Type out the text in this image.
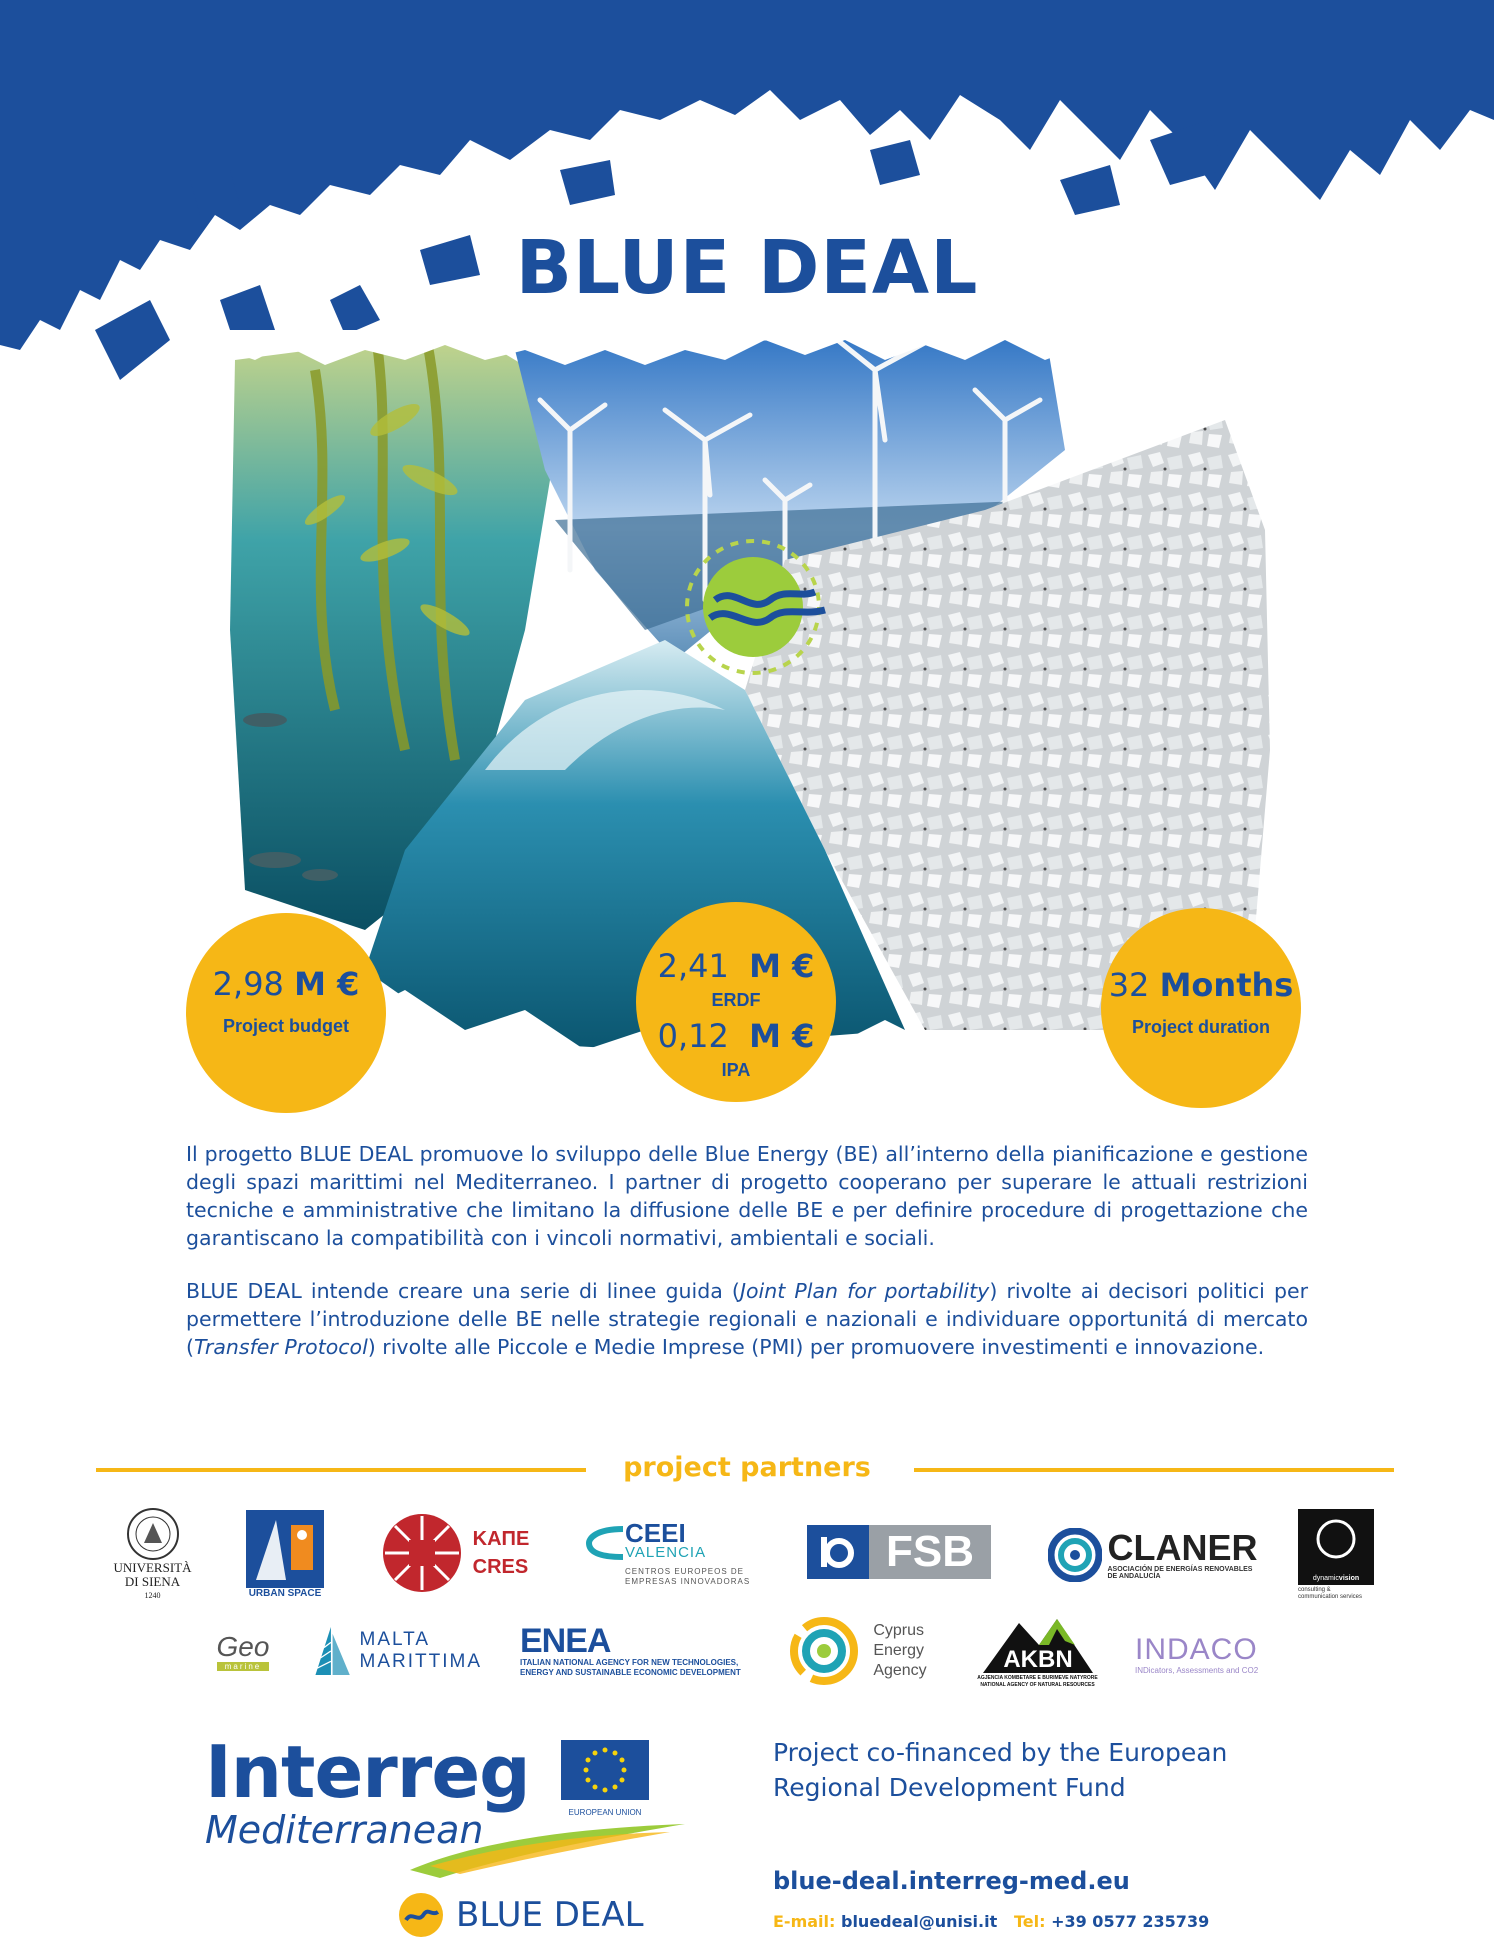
BLUE DEAL
2,98 M €
Project budget
2,41 M €
ERDF
0,12 M €
IPA
32 Months
Project duration

Il progetto BLUE DEAL promuove lo sviluppo delle Blue Energy (BE) all’interno della pianificazione e gestione degli spazi marittimi nel Mediterraneo. I partner di progetto cooperano per superare le attuali restrizioni tecniche e amministrative che limitano la diffusione delle BE e per definire procedure di progettazione che garantiscano la compatibilità con i vincoli normativi, ambientali e sociali.

BLUE DEAL intende creare una serie di linee guida (Joint Plan for portability) rivolte ai decisori politici per permettere l’introduzione delle BE nelle strategie regionali e nazionali e individuare opportunitá di mercato (Transfer Protocol) rivolte alle Piccole e Medie Imprese (PMI) per promuovere investimenti e innovazione.

project partners
UNIVERSITÀ
DI SIENA
1240	URBAN SPACE
ΚΑΠΕ
CRES
CEEI
VALENCIA
CENTROS EUROPEOS DE
EMPRESAS INNOVADORAS
FSB	CLANER
ASOCIACIÓN DE ENERGÍAS RENOVABLES
DE ANDALUCÍA	dynamicvision
consulting &
communication services
Geo
marine
MALTA
MARITTIMA
ENEA
ITALIAN NATIONAL AGENCY FOR NEW TECHNOLOGIES,
ENERGY AND SUSTAINABLE ECONOMIC DEVELOPMENT
Cyprus
Energy
Agency	AKBN
AGJENCIA KOMBETARE E BURIMEVE NATYRORE
NATIONAL AGENCY OF NATURAL RESOURCES
INDACO
INDicators, Assessments and CO2
Interreg
Mediterranean	EUROPEAN UNION
BLUE DEAL
Project co-financed by the European
Regional Development Fund
blue-deal.interreg-med.eu
E-mail: bluedeal@unisi.it Tel: +39 0577 235739
